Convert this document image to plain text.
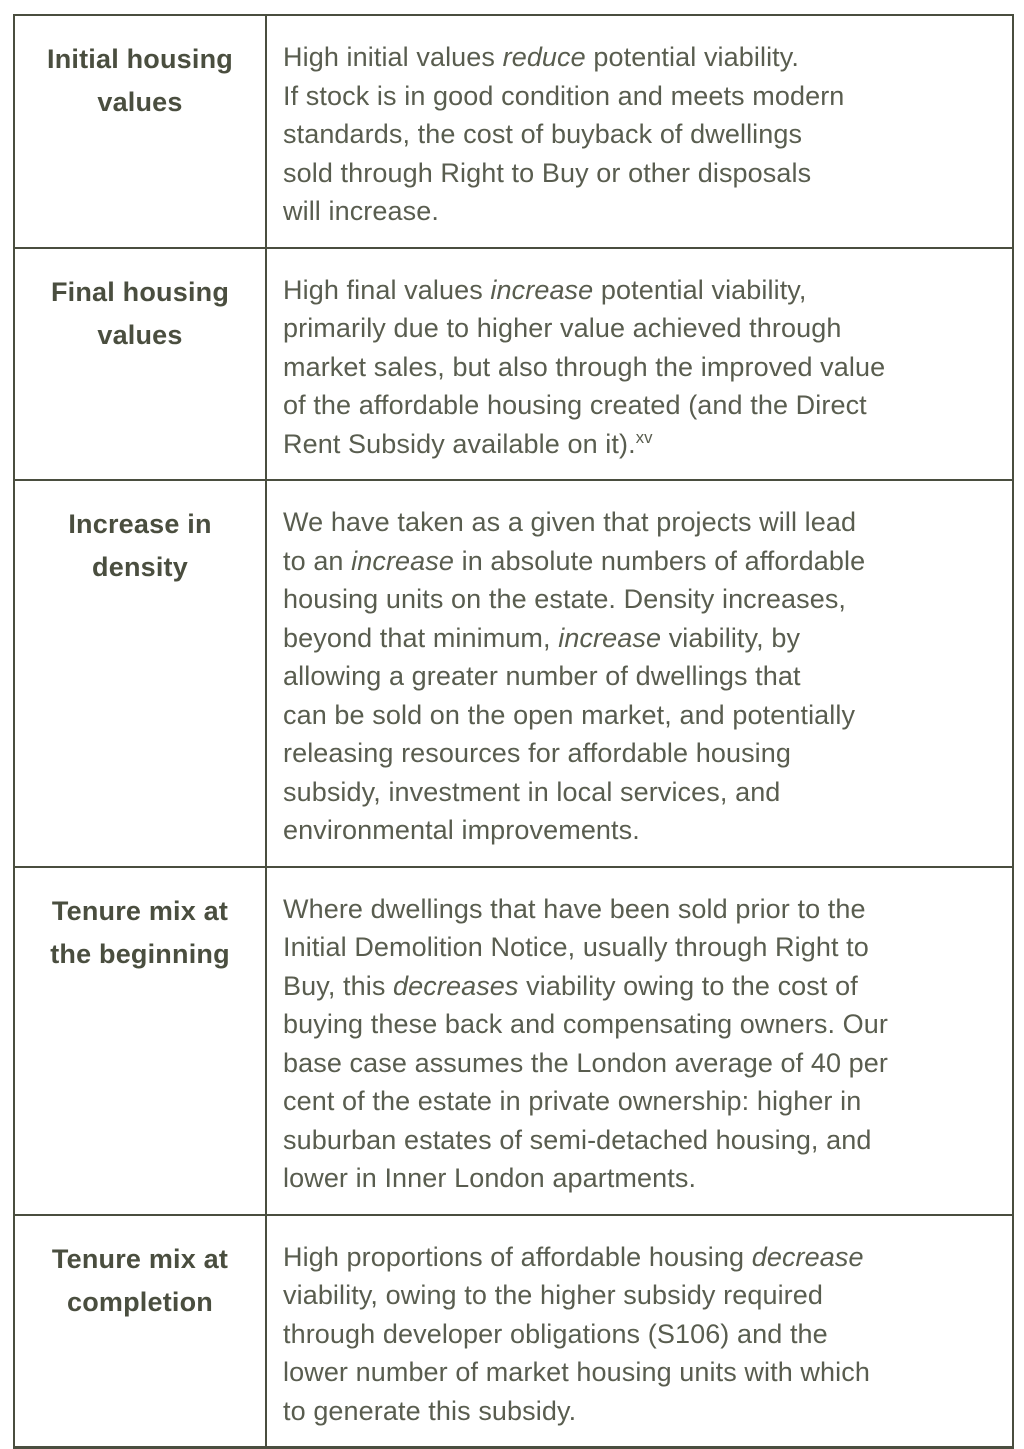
Initial housing
values
High initial values reduce potential viability.
If stock is in good condition and meets modern
standards, the cost of buyback of dwellings
sold through Right to Buy or other disposals
will increase.
Final housing
values
High final values increase potential viability,
primarily due to higher value achieved through
market sales, but also through the improved value
of the affordable housing created (and the Direct
Rent Subsidy available on it).$^{xv}$
Increase in
density
We have taken as a given that projects will lead
to an increase in absolute numbers of affordable
housing units on the estate. Density increases,
beyond that minimum, increase viability, by
allowing a greater number of dwellings that
can be sold on the open market, and potentially
releasing resources for affordable housing
subsidy, investment in local services, and
environmental improvements.
Tenure mix at
the beginning
Where dwellings that have been sold prior to the
Initial Demolition Notice, usually through Right to
Buy, this decreases viability owing to the cost of
buying these back and compensating owners. Our
base case assumes the London average of 40 per
cent of the estate in private ownership: higher in
suburban estates of semi-detached housing, and
lower in Inner London apartments.
Tenure mix at
completion
High proportions of affordable housing decrease
viability, owing to the higher subsidy required
through developer obligations (S106) and the
lower number of market housing units with which
to generate this subsidy.
